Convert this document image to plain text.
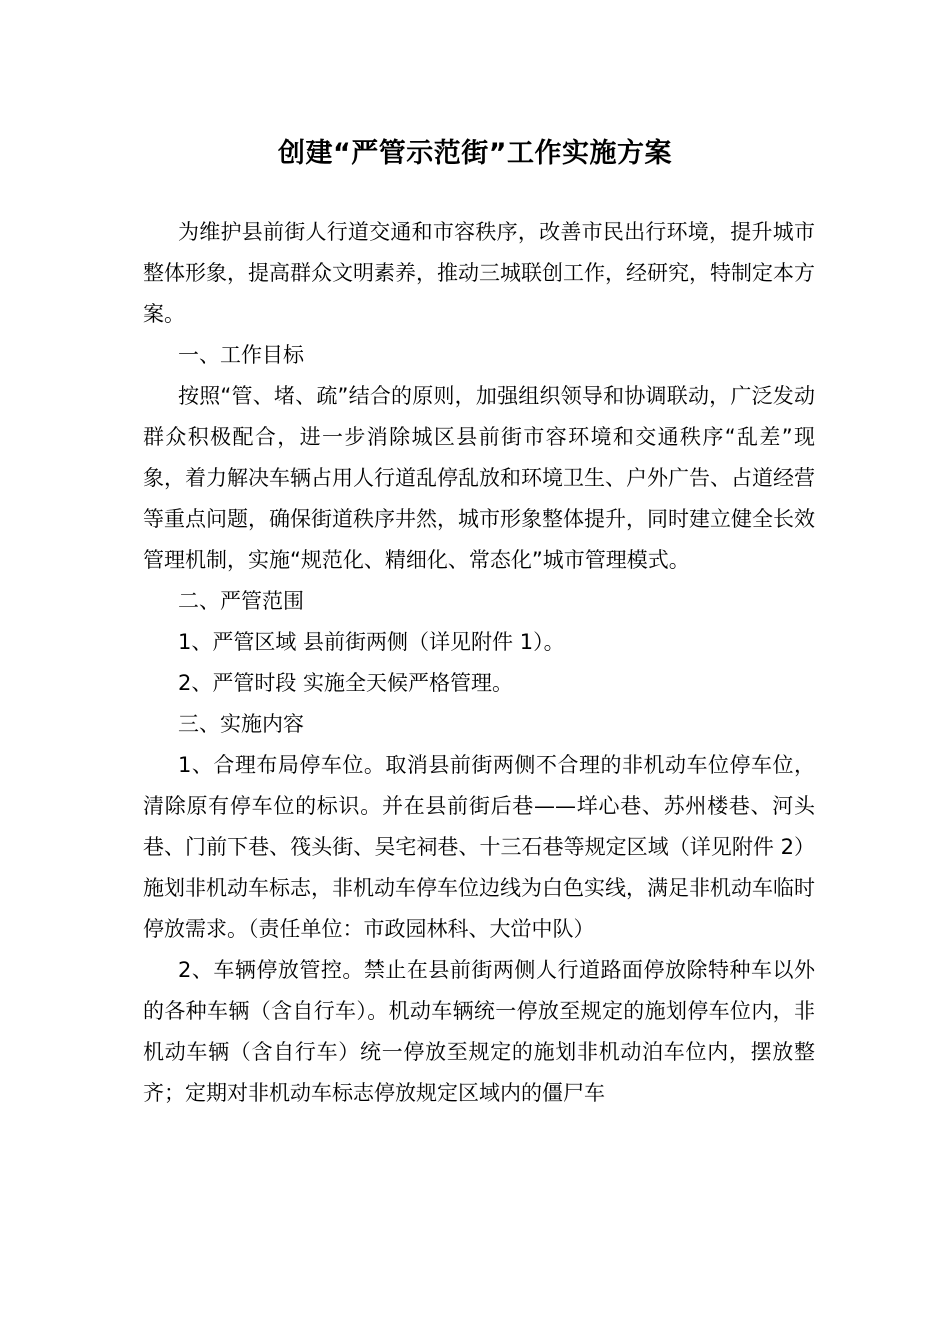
创建“严管示范街”工作实施方案

为维护县前街人行道交通和市容秩序，改善市民出行环境，提升城市整体形象，提高群众文明素养，推动三城联创工作，经研究，特制定本方案。

一、工作目标

按照“管、堵、疏”结合的原则，加强组织领导和协调联动，广泛发动群众积极配合，进一步消除城区县前街市容环境和交通秩序“乱差”现象，着力解决车辆占用人行道乱停乱放和环境卫生、户外广告、占道经营等重点问题，确保街道秩序井然，城市形象整体提升，同时建立健全长效管理机制，实施“规范化、精细化、常态化”城市管理模式。

二、严管范围

1、严管区域 县前街两侧（详见附件 1）。

2、严管时段 实施全天候严格管理。

三、实施内容

1、合理布局停车位。取消县前街两侧不合理的非机动车位停车位，清除原有停车位的标识。并在县前街后巷——垟心巷、苏州楼巷、河头巷、门前下巷、筏头街、吴宅祠巷、十三石巷等规定区域（详见附件 2）施划非机动车标志，非机动车停车位边线为白色实线，满足非机动车临时停放需求。（责任单位：市政园林科、大峃中队）

2、车辆停放管控。禁止在县前街两侧人行道路面停放除特种车以外的各种车辆（含自行车）。机动车辆统一停放至规定的施划停车位内，非机动车辆（含自行车）统一停放至规定的施划非机动泊车位内，摆放整齐；定期对非机动车标志停放规定区域内的僵尸车
